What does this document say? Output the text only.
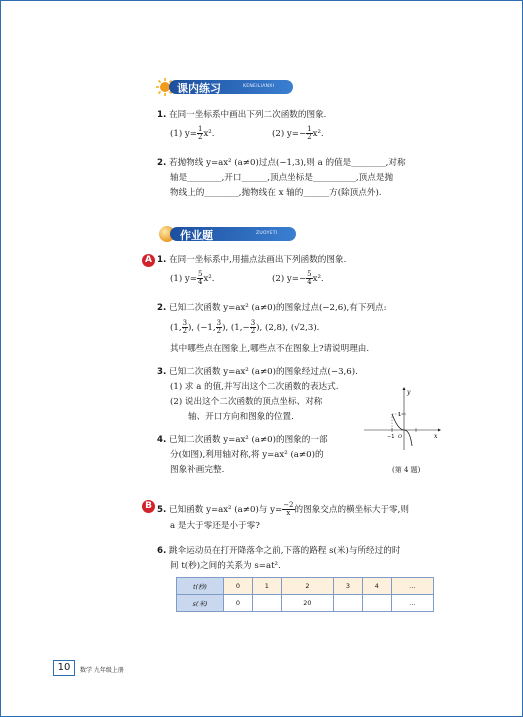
课内练习	KENEILIANXI
1. 在同一坐标系中画出下列二次函数的图象.
(1) $y= \frac{1}{2} x^2$.	(2) $y=- \frac{1}{2} x^2$.
2. 若抛物线 y=ax² (a≠0)过点(−1,3),则 a 的值是________,对称
轴是________,开口______,顶点坐标是__________,顶点是抛
物线上的________,抛物线在 x 轴的______方(除顶点外).
作业题	ZUOYETI
A 1. 在同一坐标系中,用描点法画出下列函数的图象.
(1) $y= \frac{5}{4} x^2$.	(2) $y=- \frac{5}{4} x^2$.
2. 已知二次函数 y=ax² (a≠0)的图象过点(−2,6),有下列点:
(1, $\frac{3}{2}$ ), (−1, $\frac{3}{2}$ ), ($1,- \frac{3}{2}$ ), (2,8), (√2,3).
其中哪些点在图象上,哪些点不在图象上?请说明理由.
3. 已知二次函数 y=ax² (a≠0)的图象经过点(−3,6).
(1) 求 a 的值,并写出这个二次函数的表达式.
(2) 说出这个二次函数的顶点坐标、对称
轴、开口方向和图象的位置.
4. 已知二次函数 y=ax² (a≠0)的图象的一部
分(如图),利用轴对称,将 y=ax² (a≠0)的
图象补画完整.
y
x
1
−1 O
(第 4 题)
B 5. 已知函数 y=ax² (a≠0)与 $y= \frac{-2}{x}$ 的图象交点的横坐标大于零,则
a 是大于零还是小于零?
6. 跳伞运动员在打开降落伞之前,下落的路程 s(米)与所经过的时
间 t(秒)之间的关系为 s=at².
t(秒)	0	1	2	3	4	…
s(米)	0		20			…
10	数学 九年级上册
